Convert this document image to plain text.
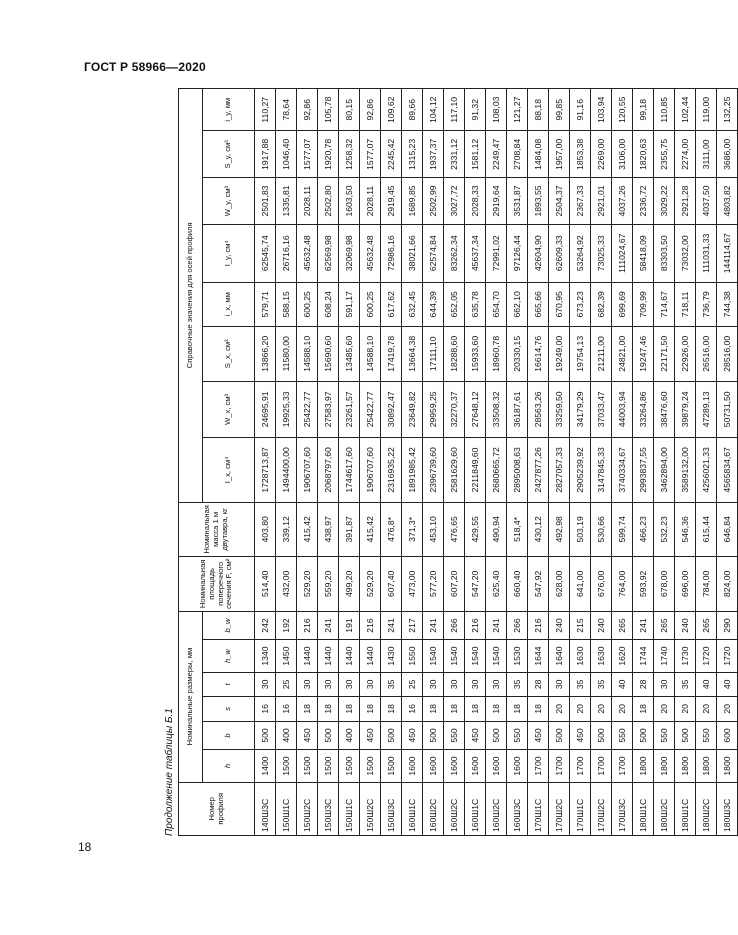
ГОСТ Р 58966—2020
18
Продолжение таблицы Б.1	Номер профиля	Номинальные размеры, мм						Номинальная площадь поперечного сечения F, см²	Номинальная масса 1 м двутавра, кг	Справочные значения для осей профиля							
	h	b	s	t	h_w	b_w			I_x, см⁴	W_x, см³	S_x, см³	i_x, мм	I_y, см⁴	W_y, см³	S_y, см³	i_y, мм
140Ш3С	1400	500	16	30	1340	242	514,40	403,80	1728713,87	24695,91	13866,20	579,71	62545,74	2501,83	1917,88	110,27
150Ш1С	1500	400	16	25	1450	192	432,00	339,12	1494400,00	19925,33	11580,00	588,15	26716,16	1335,81	1046,40	78,64
150Ш2С	1500	450	18	30	1440	216	529,20	415,42	1906707,60	25422,77	14588,10	600,25	45632,48	2028,11	1577,07	92,86
150Ш3С	1500	500	18	30	1440	241	559,20	438,97	2068797,60	27583,97	15690,60	608,24	62569,98	2502,80	1920,78	105,78
150Ш1С	1500	400	18	30	1440	191	499,20	391,87	1744617,60	23261,57	13485,60	591,17	32069,98	1603,50	1258,32	80,15
150Ш2С	1500	450	18	30	1440	216	529,20	415,42	1906707,60	25422,77	14588,10	600,25	45632,48	2028,11	1577,07	92,86
150Ш3С	1500	500	18	35	1430	241	607,40	476,8*	2316935,22	30892,47	17419,78	617,62	72986,16	2919,45	2245,42	109,62
160Ш1С	1600	450	16	25	1550	217	473,00	371,3*	1891985,42	23649,82	13664,38	632,45	38021,66	1689,85	1315,23	89,66
160Ш2С	1600	500	18	30	1540	241	577,20	453,10	2396739,60	29959,25	17111,10	644,39	62574,84	2502,99	1937,37	104,12
160Ш2С	1600	550	18	30	1540	266	607,20	476,65	2581629,60	32270,37	18288,60	652,05	83262,34	3027,72	2331,12	117,10
160Ш1С	1600	450	18	30	1540	216	547,20	429,55	2211849,60	27648,12	15933,60	635,78	45637,34	2028,33	1581,12	91,32
160Ш2С	1600	500	18	30	1540	241	625,40	490,94	2680665,72	33508,32	18960,78	654,70	72991,02	2919,64	2249,47	108,03
160Ш3С	1600	550	18	35	1530	266	660,40	518,4*	2895008,63	36187,61	20330,15	662,10	97126,44	3531,87	2708,84	121,27
170Ш1С	1700	450	18	28	1644	216	547,92	430,12	2427877,26	28563,26	16614,76	665,66	42604,90	1893,55	1484,08	88,18
170Ш2С	1700	500	20	30	1640	240	628,00	492,98	2827057,33	33259,50	19249,00	670,95	62609,33	2504,37	1957,00	99,85
170Ш1С	1700	450	20	35	1630	215	641,00	503,19	2905239,92	34179,29	19754,13	673,23	53264,92	2367,33	1853,38	91,16
170Ш2С	1700	500	20	35	1630	240	676,00	530,66	3147845,33	37033,47	21211,00	682,39	73025,33	2921,01	2269,00	103,94
170Ш3С	1700	550	20	40	1620	265	764,00	599,74	3740334,67	44003,94	24821,00	699,69	111024,67	4037,26	3106,00	120,55
180Ш1С	1800	500	18	28	1744	241	593,92	466,23	2993837,55	33264,86	19247,46	709,99	58418,09	2336,72	1820,63	99,18
180Ш2С	1800	550	20	30	1740	265	678,00	532,23	3462894,00	38476,60	22171,50	714,67	83303,50	3029,22	2355,75	110,85
180Ш1С	1800	500	20	35	1730	240	696,00	546,36	3589132,00	39879,24	22926,00	718,11	73032,00	2921,28	2274,00	102,44
180Ш2С	1800	550	20	40	1720	265	784,00	615,44	4256021,33	47289,13	26516,00	736,79	111031,33	4037,50	3111,00	119,00
180Ш3С	1800	600	20	40	1720	290	824,00	646,84	4565834,67	50731,50	28516,00	744,38	144114,67	4803,82	3686,00	132,25
